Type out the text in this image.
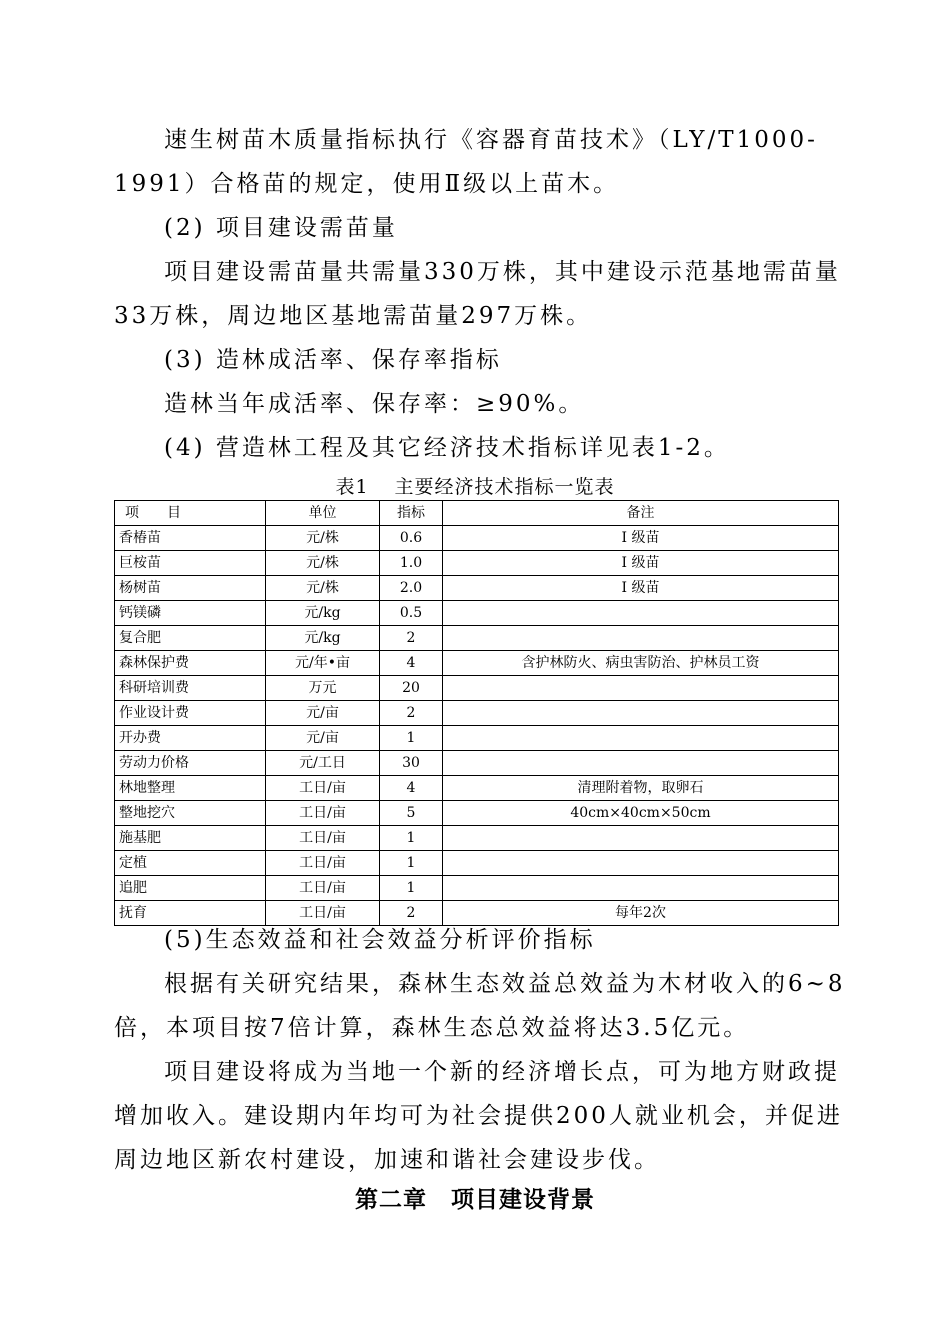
速生树苗木质量指标执行《容器育苗技术》（LY/T1000-
1991）合格苗的规定，使用Ⅱ级以上苗木。
(2) 项目建设需苗量
项目建设需苗量共需量330万株，其中建设示范基地需苗量
33万株，周边地区基地需苗量297万株。
(3) 造林成活率、保存率指标
造林当年成活率、保存率：≥90%。
(4) 营造林工程及其它经济技术指标详见表1-2。
表1 主要经济技术指标一览表
项　　目	单位	指标	备注
香椿苗	元/株	0.6	Ⅰ 级苗
巨桉苗	元/株	1.0	Ⅰ 级苗
杨树苗	元/株	2.0	Ⅰ 级苗
钙镁磷	元/kg	0.5	
复合肥	元/kg	2	
森林保护费	元/年•亩	4	含护林防火、病虫害防治、护林员工资
科研培训费	万元	20	
作业设计费	元/亩	2	
开办费	元/亩	1	
劳动力价格	元/工日	30	
林地整理	工日/亩	4	清理附着物，取卵石
整地挖穴	工日/亩	5	40cm×40cm×50cm
施基肥	工日/亩	1	
定植	工日/亩	1	
追肥	工日/亩	1	
抚育	工日/亩	2	每年2次
(5)生态效益和社会效益分析评价指标
根据有关研究结果，森林生态效益总效益为木材收入的6~8
倍，本项目按7倍计算，森林生态总效益将达3.5亿元。
项目建设将成为当地一个新的经济增长点，可为地方财政提
增加收入。建设期内年均可为社会提供200人就业机会，并促进
周边地区新农村建设，加速和谐社会建设步伐。
第二章 项目建设背景
